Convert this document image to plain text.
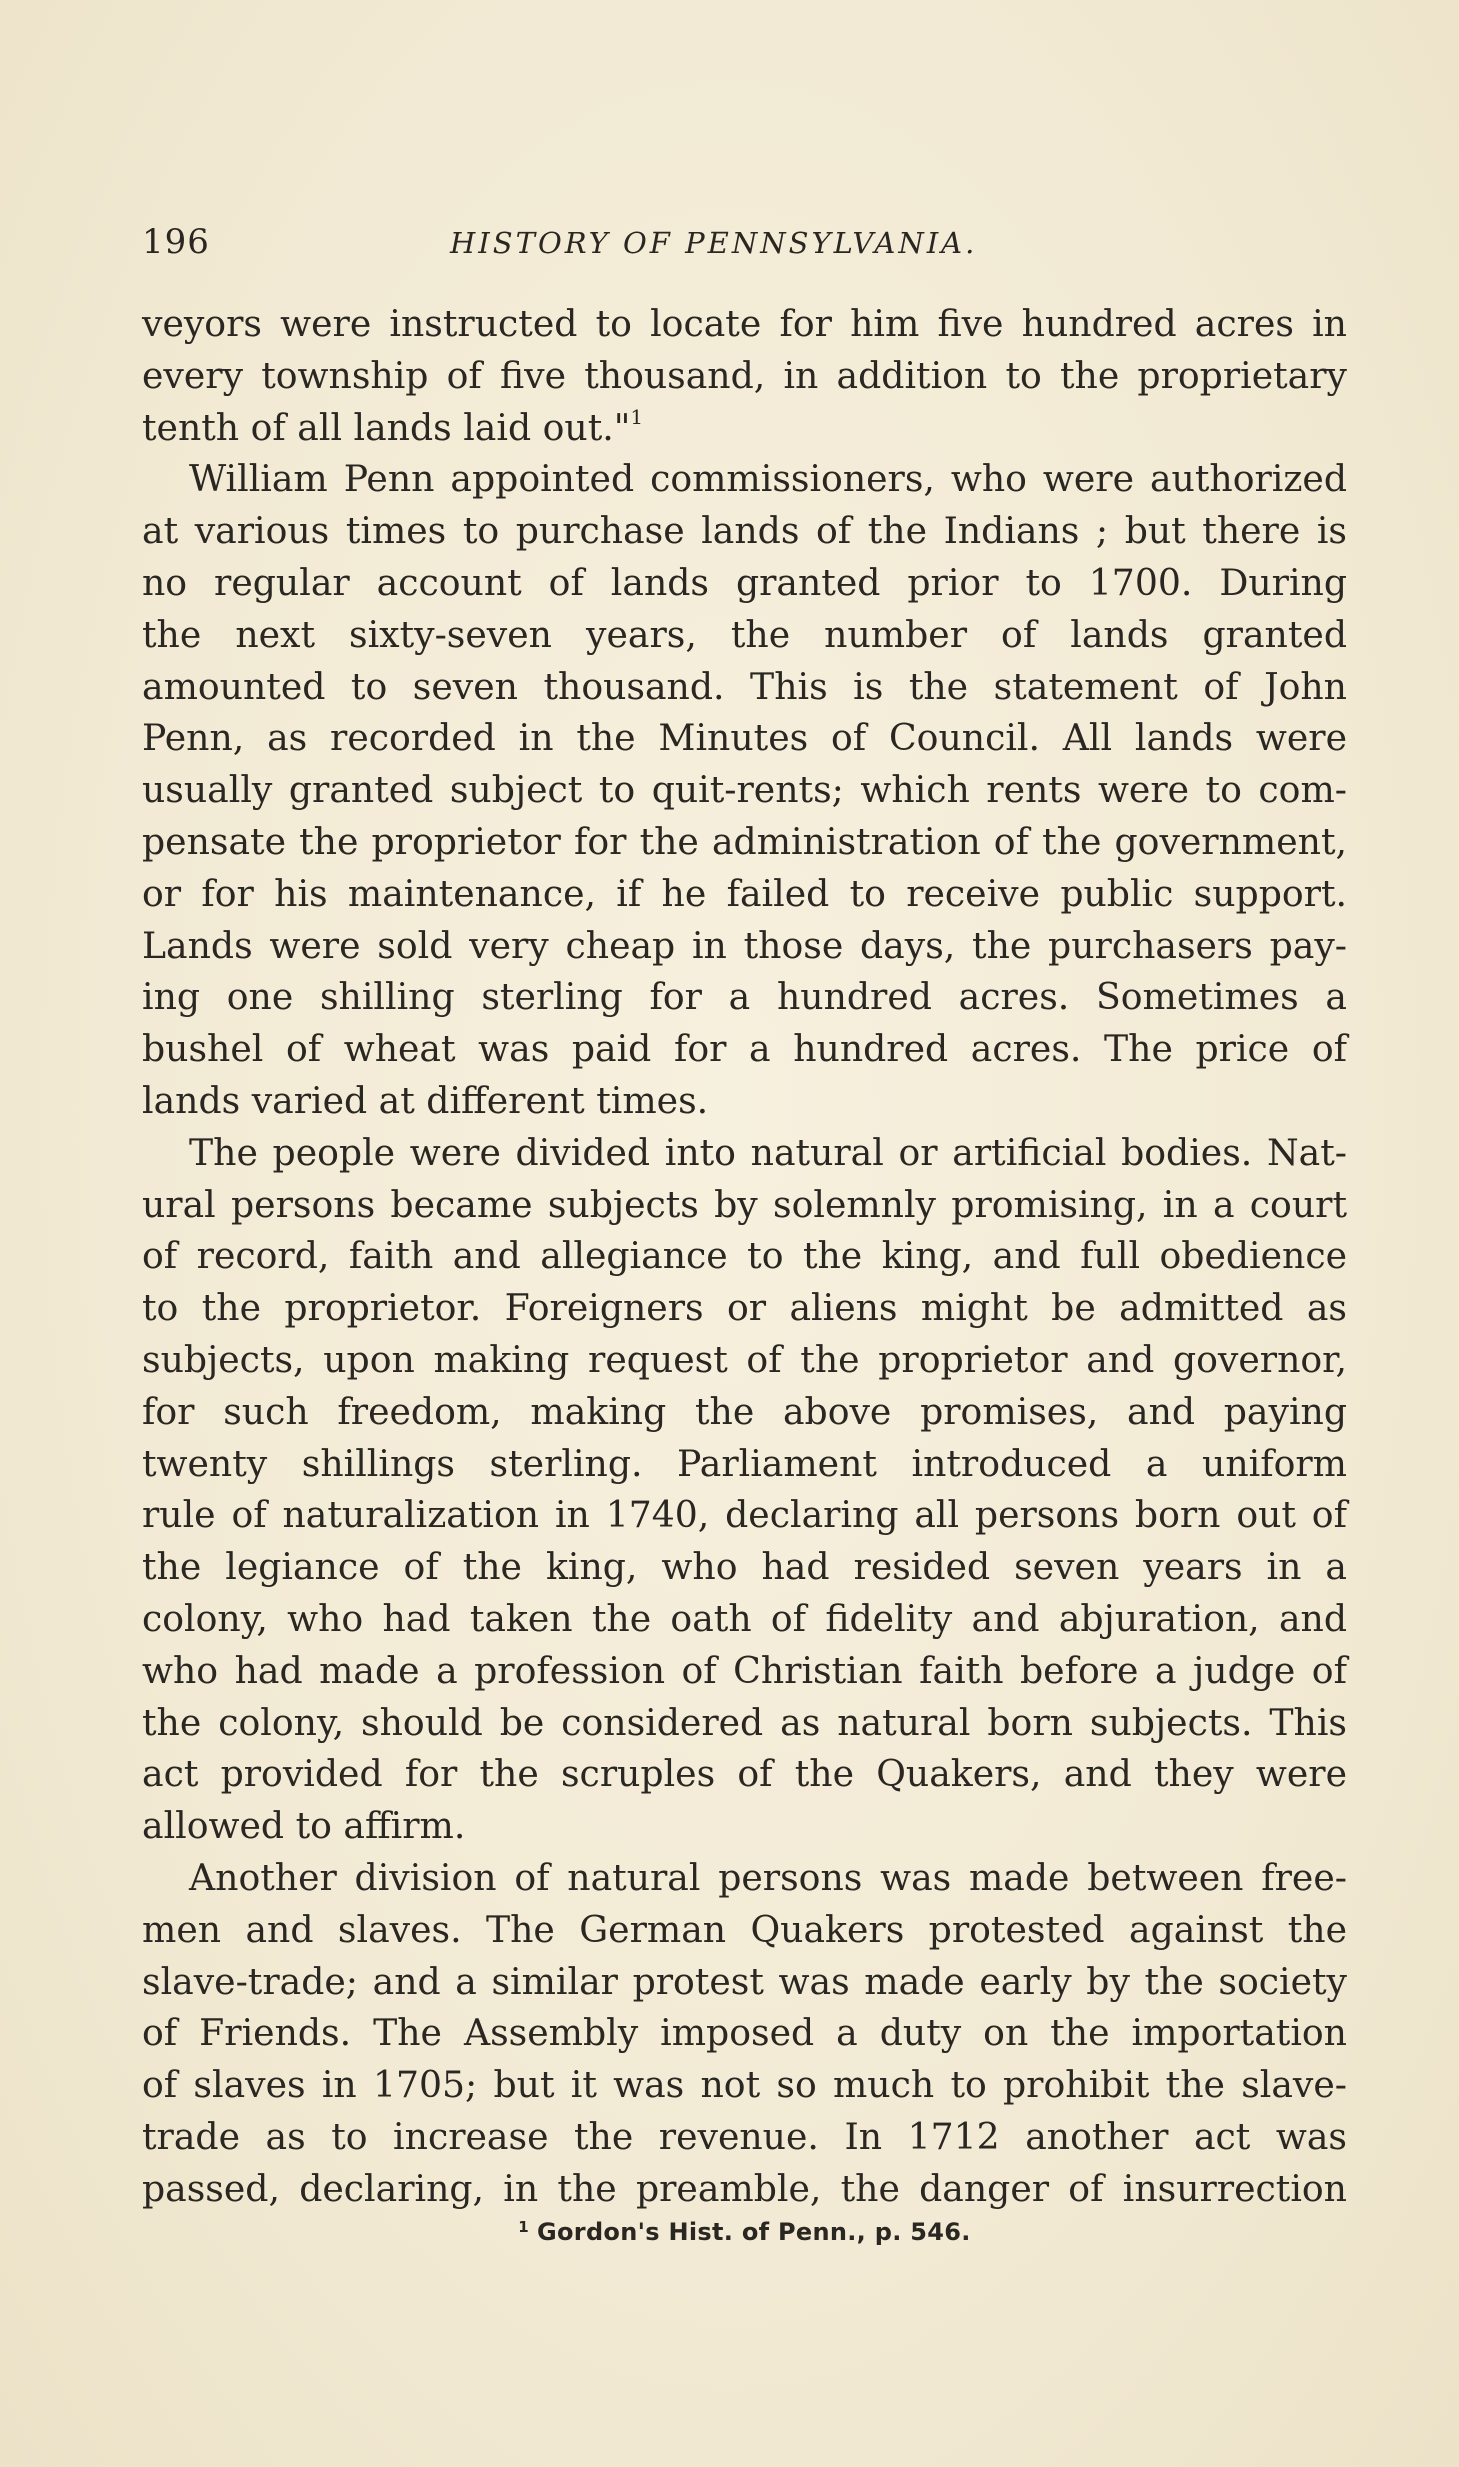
196	HISTORY OF PENNSYLVANIA.

veyors were instructed to locate for him five hundred acres in
every township of five thousand, in addition to the proprietary
tenth of all lands laid out."$^1$

William Penn appointed commissioners, who were authorized
at various times to purchase lands of the Indians ; but there is
no regular account of lands granted prior to 1700. During
the next sixty-seven years, the number of lands granted
amounted to seven thousand. This is the statement of John
Penn, as recorded in the Minutes of Council. All lands were
usually granted subject to quit-rents; which rents were to com-
pensate the proprietor for the administration of the government,
or for his maintenance, if he failed to receive public support.
Lands were sold very cheap in those days, the purchasers pay-
ing one shilling sterling for a hundred acres. Sometimes a
bushel of wheat was paid for a hundred acres. The price of
lands varied at different times.

The people were divided into natural or artificial bodies. Nat-
ural persons became subjects by solemnly promising, in a court
of record, faith and allegiance to the king, and full obedience
to the proprietor. Foreigners or aliens might be admitted as
subjects, upon making request of the proprietor and governor,
for such freedom, making the above promises, and paying
twenty shillings sterling. Parliament introduced a uniform
rule of naturalization in 1740, declaring all persons born out of
the legiance of the king, who had resided seven years in a
colony, who had taken the oath of fidelity and abjuration, and
who had made a profession of Christian faith before a judge of
the colony, should be considered as natural born subjects. This
act provided for the scruples of the Quakers, and they were
allowed to affirm.

Another division of natural persons was made between free-
men and slaves. The German Quakers protested against the
slave-trade; and a similar protest was made early by the society
of Friends. The Assembly imposed a duty on the importation
of slaves in 1705; but it was not so much to prohibit the slave-
trade as to increase the revenue. In 1712 another act was
passed, declaring, in the preamble, the danger of insurrection

$^1$ Gordon's Hist. of Penn., p. 546.
